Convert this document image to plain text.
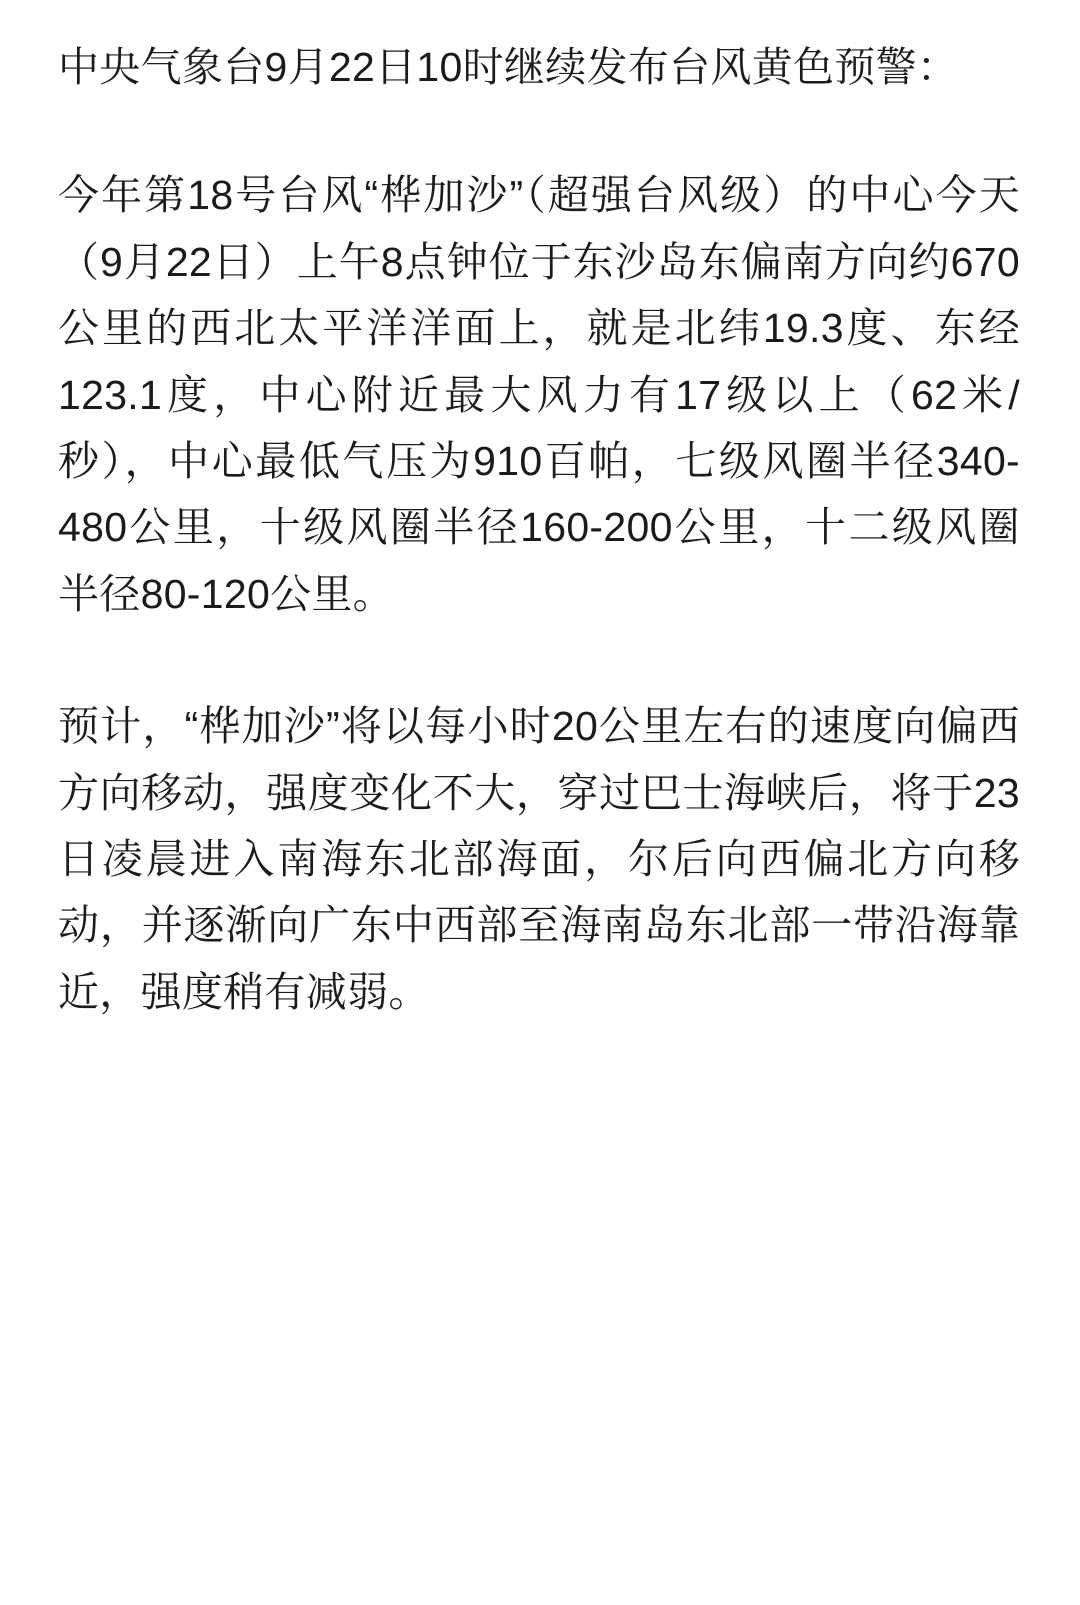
中央气象台9月22日10时继续发布台风黄色预警：

今年第18号台风“桦加沙”（超强台风级）的中心今天（9月22日）上午8点钟位于东沙岛东偏南方向约670公里的西北太平洋洋面上，就是北纬19.3度、东经123.1度，中心附近最大风力有17级以上（62米/秒），中心最低气压为910百帕，七级风圈半径340-480公里，十级风圈半径160-200公里，十二级风圈半径80-120公里。

预计，“桦加沙”将以每小时20公里左右的速度向偏西方向移动，强度变化不大，穿过巴士海峡后，将于23日凌晨进入南海东北部海面，尔后向西偏北方向移动，并逐渐向广东中西部至海南岛东北部一带沿海靠近，强度稍有减弱。
